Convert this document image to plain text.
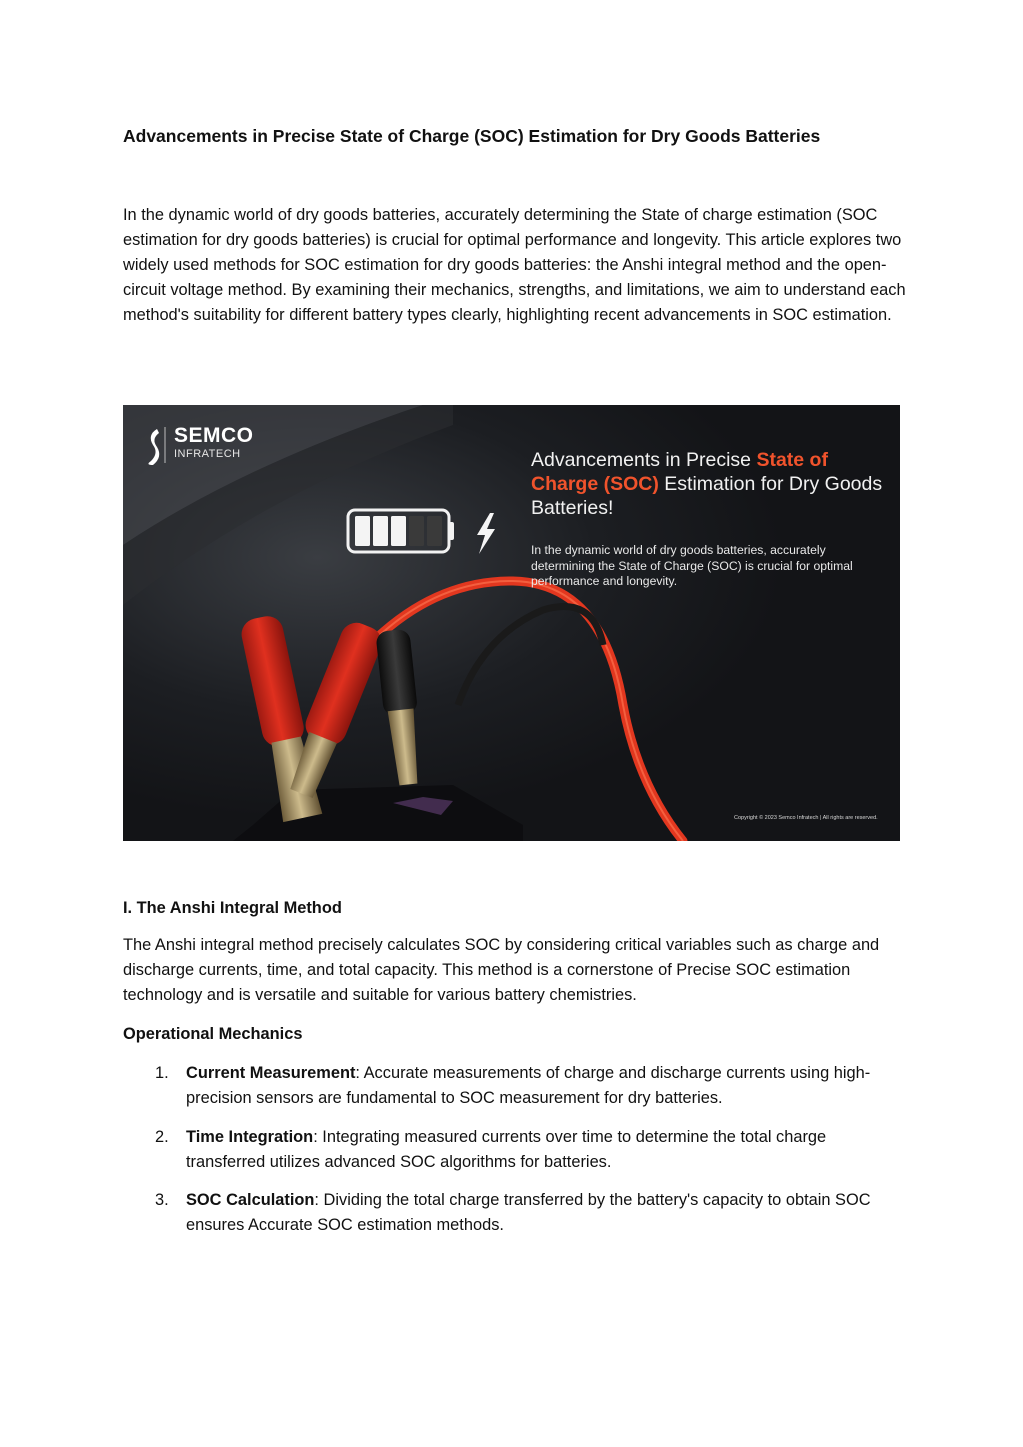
Advancements in Precise State of Charge (SOC) Estimation for Dry Goods Batteries

In the dynamic world of dry goods batteries, accurately determining the State of charge estimation (SOC estimation for dry goods batteries) is crucial for optimal performance and longevity. This article explores two widely used methods for SOC estimation for dry goods batteries: the Anshi integral method and the open-circuit voltage method. By examining their mechanics, strengths, and limitations, we aim to understand each method's suitability for different battery types clearly, highlighting recent advancements in SOC estimation.

SEMCO
INFRATECH	Advancements in Precise State of Charge (SOC) Estimation for Dry Goods Batteries!

In the dynamic world of dry goods batteries, accurately determining the State of Charge (SOC) is crucial for optimal performance and longevity.

Copyright © 2023 Semco Infratech | All rights are reserved.
I. The Anshi Integral Method

The Anshi integral method precisely calculates SOC by considering critical variables such as charge and discharge currents, time, and total capacity. This method is a cornerstone of Precise SOC estimation technology and is versatile and suitable for various battery chemistries.

Operational Mechanics
1. Current Measurement: Accurate measurements of charge and discharge currents using high-precision sensors are fundamental to SOC measurement for dry batteries.

2. Time Integration: Integrating measured currents over time to determine the total charge transferred utilizes advanced SOC algorithms for batteries.

3. SOC Calculation: Dividing the total charge transferred by the battery's capacity to obtain SOC ensures Accurate SOC estimation methods.
